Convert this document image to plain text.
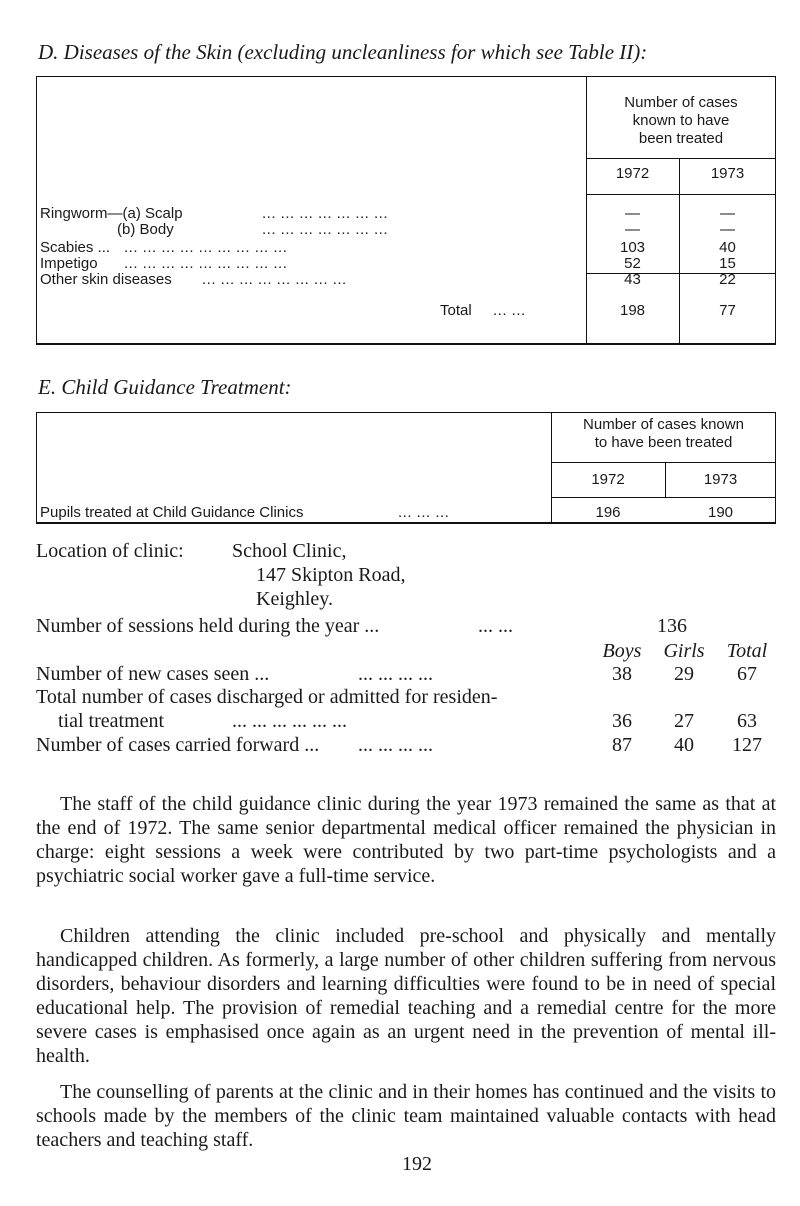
D. Diseases of the Skin (excluding uncleanliness for which see Table II):
Number of cases
known to have
been treated
1972	1973
Ringworm—(a) Scalp	... ... ... ... ... ... ...	—	—
(b) Body	... ... ... ... ... ... ...	—	—
Scabies ... ... ... ... ... ... ... ... ... ...	103	40
Impetigo ... ... ... ... ... ... ... ... ...	52	15
Other skin diseases ... ... ... ... ... ... ... ...	43	22
Total ... ...	198	77
E. Child Guidance Treatment:
Number of cases known
to have been treated
1972	1973
Pupils treated at Child Guidance Clinics	... ... ...	196	190
Location of clinic: School Clinic,
147 Skipton Road,
Keighley.
Number of sessions held during the year ...	... ...	136
Boys	Girls	Total
Number of new cases seen ...	... ... ... ...	38	29	67
Total number of cases discharged or admitted for residen-
tial treatment	... ... ... ... ... ...	36	27	63
Number of cases carried forward ... ... ... ... ...	87	40	127
The staff of the child guidance clinic during the year 1973 remained the same as that at the end of 1972. The same senior departmental medical officer remained the physician in charge: eight sessions a week were contributed by two part-time psychologists and a psychiatric social worker gave a full-time service.
Children attending the clinic included pre-school and physically and mentally handicapped children. As formerly, a large number of other children suffering from nervous disorders, behaviour disorders and learning difficulties were found to be in need of special educational help. The provision of remedial teaching and a remedial centre for the more severe cases is emphasised once again as an urgent need in the prevention of mental ill-health.
The counselling of parents at the clinic and in their homes has continued and the visits to schools made by the members of the clinic team maintained valuable contacts with head teachers and teaching staff.
192
